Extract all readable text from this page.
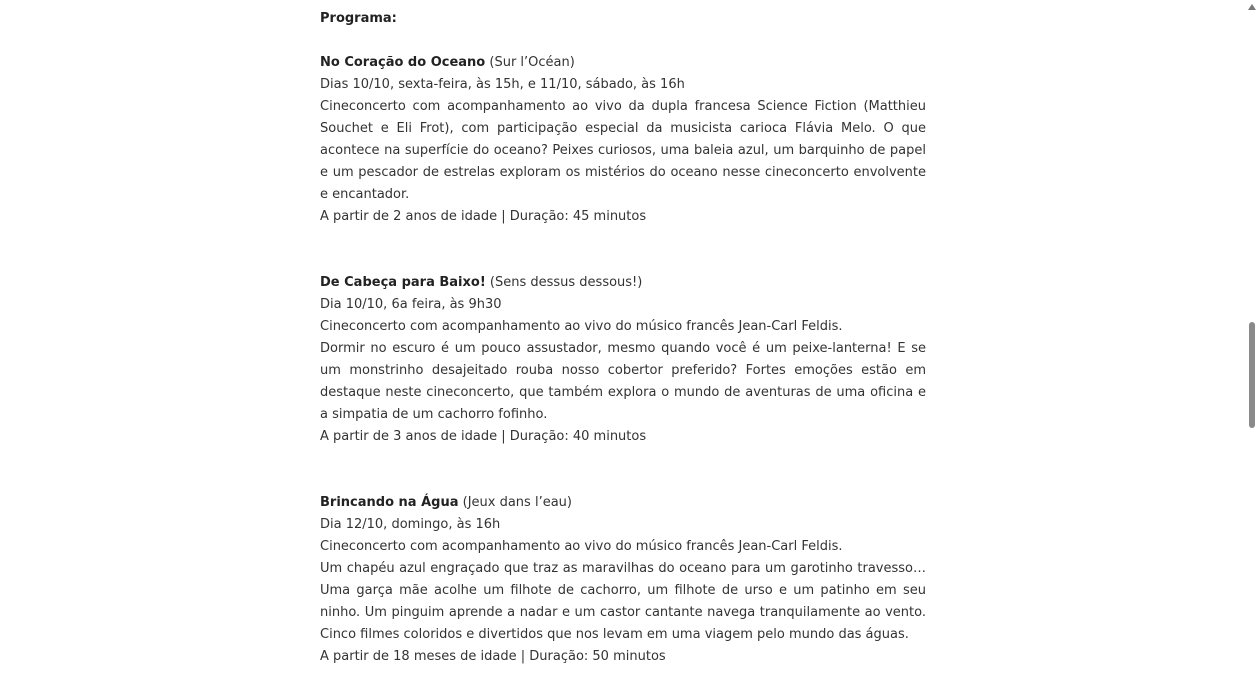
Programa:
No Coração do Oceano (Sur l’Océan)

Dias 10/10, sexta-feira, às 15h, e 11/10, sábado, às 16h

Cineconcerto com acompanhamento ao vivo da dupla francesa Science Fiction (Matthieu Souchet e Eli Frot), com participação especial da musicista carioca Flávia Melo. O que acontece na superfície do oceano? Peixes curiosos, uma baleia azul, um barquinho de papel e um pescador de estrelas exploram os mistérios do oceano nesse cineconcerto envolvente e encantador.

A partir de 2 anos de idade | Duração: 45 minutos

De Cabeça para Baixo! (Sens dessus dessous!)

Dia 10/10, 6a feira, às 9h30

Cineconcerto com acompanhamento ao vivo do músico francês Jean-Carl Feldis.

Dormir no escuro é um pouco assustador, mesmo quando você é um peixe-lanterna! E se um monstrinho desajeitado rouba nosso cobertor preferido? Fortes emoções estão em destaque neste cineconcerto, que também explora o mundo de aventuras de uma oficina e a simpatia de um cachorro fofinho.

A partir de 3 anos de idade | Duração: 40 minutos

Brincando na Água (Jeux dans l’eau)

Dia 12/10, domingo, às 16h

Cineconcerto com acompanhamento ao vivo do músico francês Jean-Carl Feldis.

Um chapéu azul engraçado que traz as maravilhas do oceano para um garotinho travesso… Uma garça mãe acolhe um filhote de cachorro, um filhote de urso e um patinho em seu ninho. Um pinguim aprende a nadar e um castor cantante navega tranquilamente ao vento. Cinco filmes coloridos e divertidos que nos levam em uma viagem pelo mundo das águas.

A partir de 18 meses de idade | Duração: 50 minutos
